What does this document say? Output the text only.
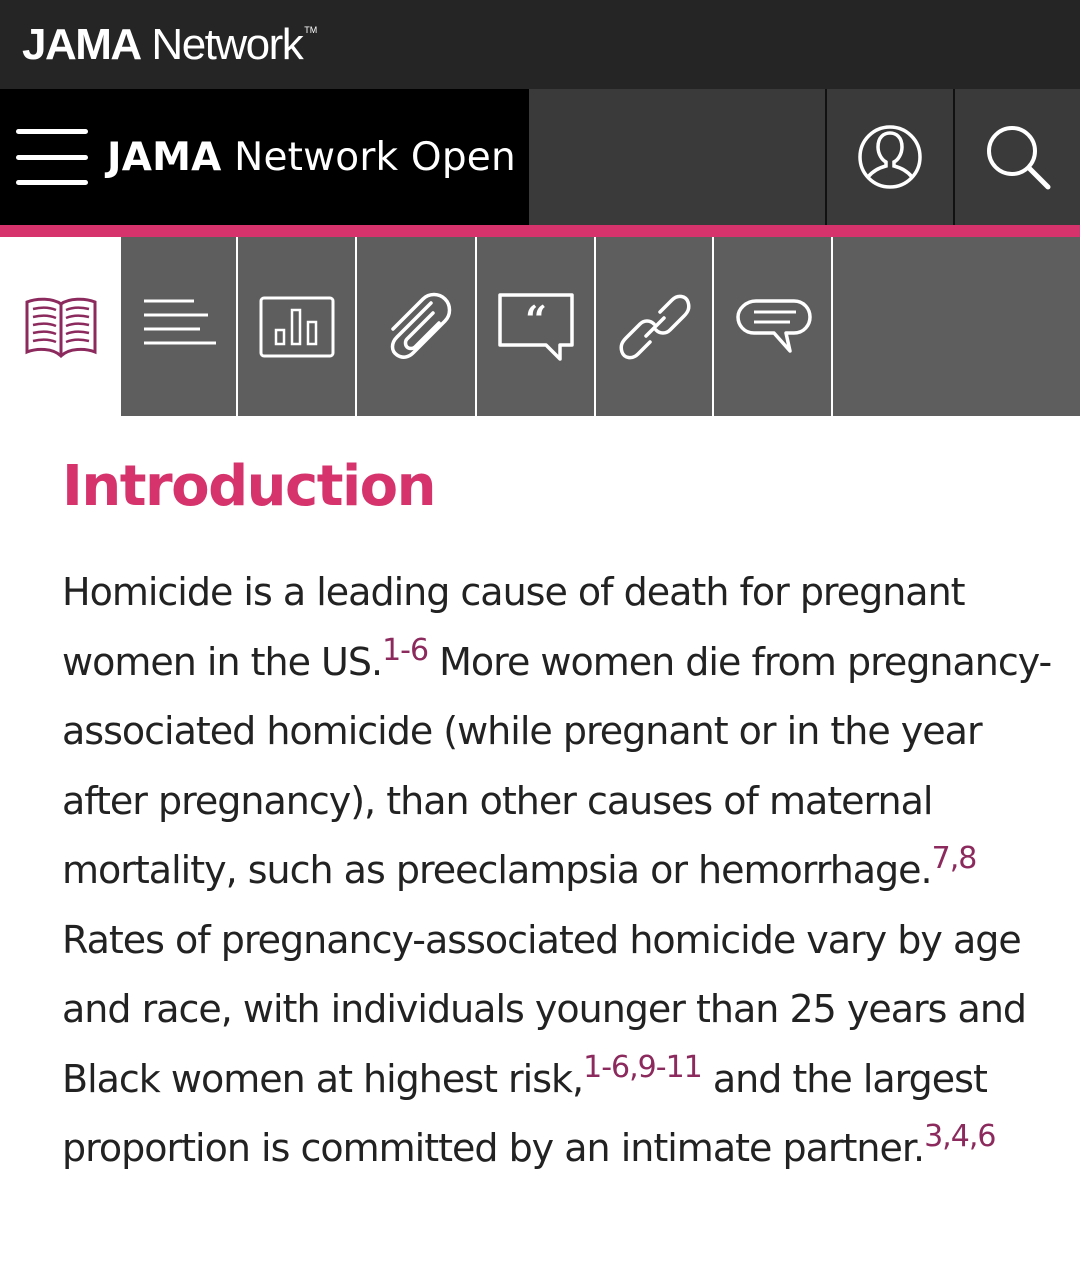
JAMA Network ™
JAMA Network Open
“
Introduction

Homicide is a leading cause of death for pregnant women in the US.$^{1-6}$ More women die from pregnancy-associated homicide (while pregnant or in the year after pregnancy), than other causes of maternal mortality, such as preeclampsia or hemorrhage.$^{7,8}$ Rates of pregnancy-associated homicide vary by age and race, with individuals younger than 25 years and Black women at highest risk,$^{1-6,9-11}$ and the largest proportion is committed by an intimate partner.$^{3,4,6}$
